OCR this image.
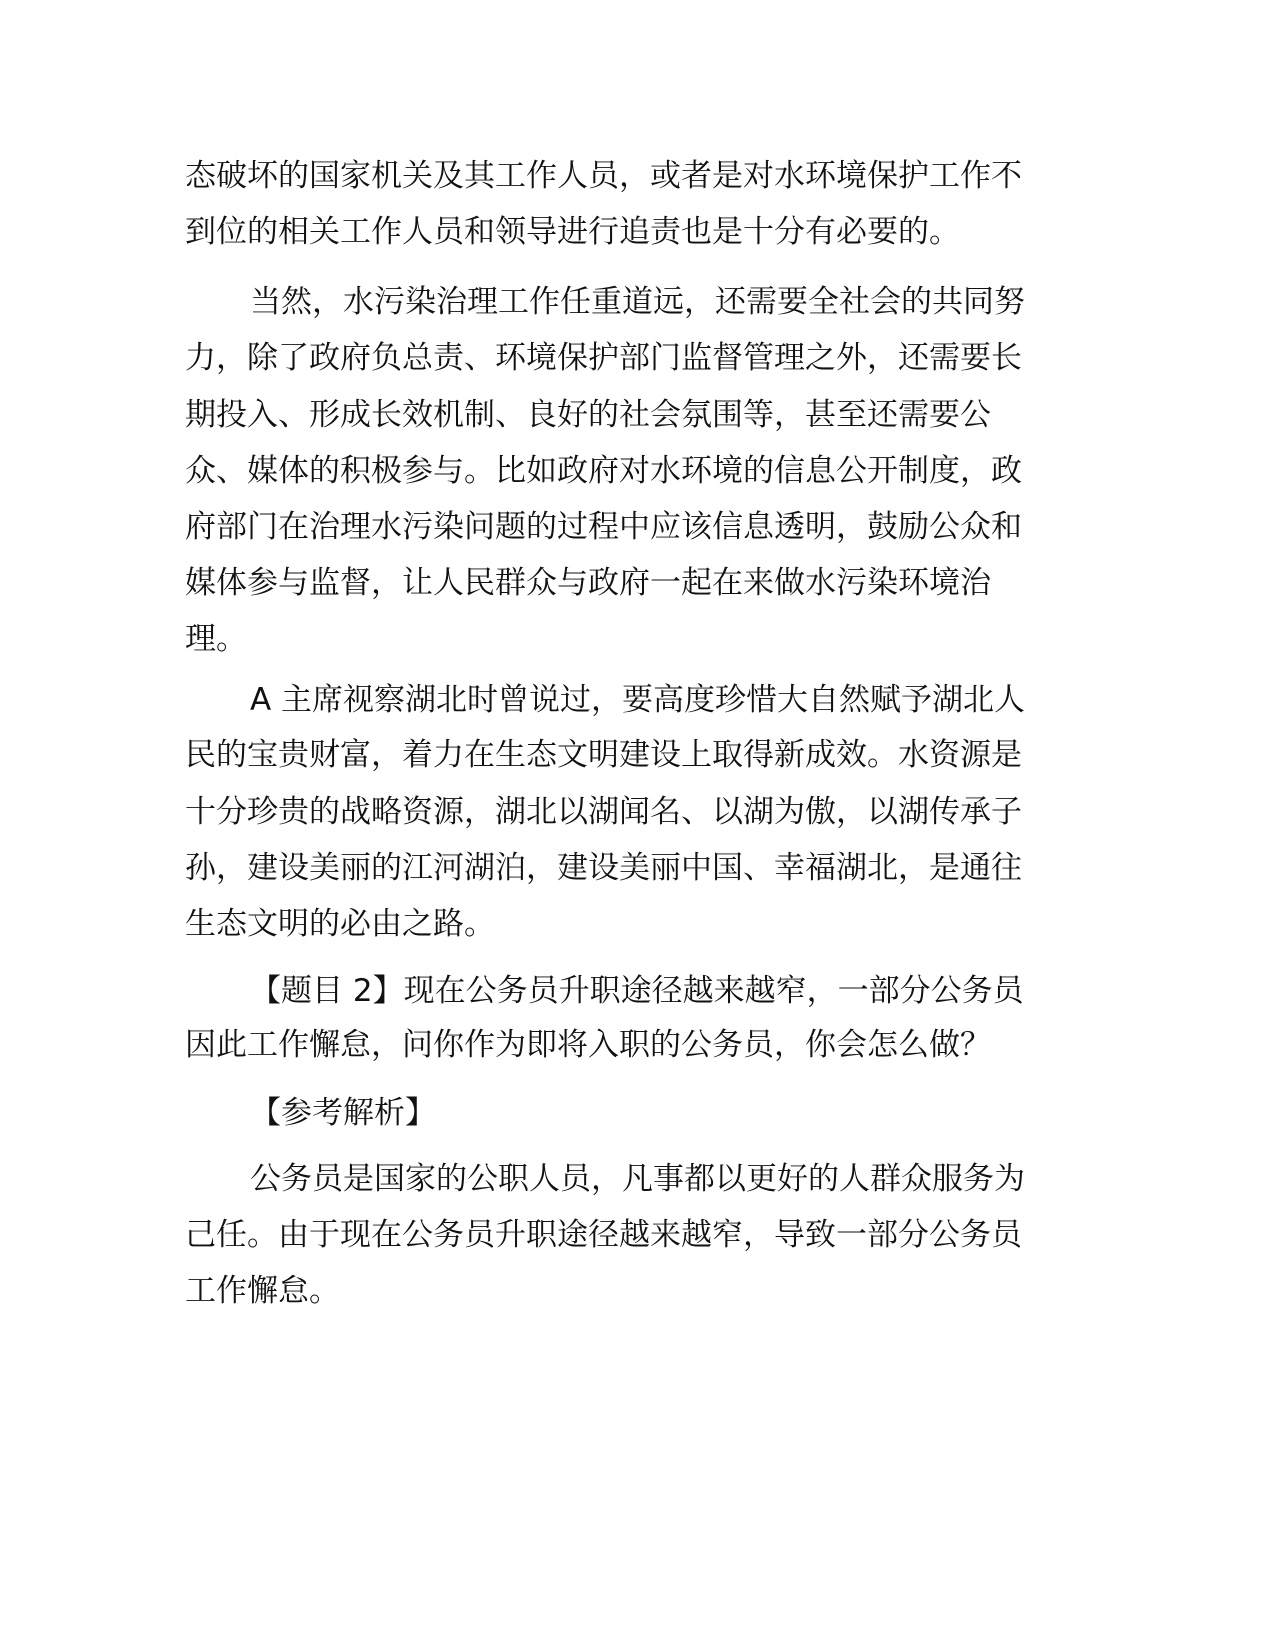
态破坏的国家机关及其工作人员，或者是对水环境保护工作不
到位的相关工作人员和领导进行追责也是十分有必要的。
当然，水污染治理工作任重道远，还需要全社会的共同努
力，除了政府负总责、环境保护部门监督管理之外，还需要长
期投入、形成长效机制、良好的社会氛围等，甚至还需要公
众、媒体的积极参与。比如政府对水环境的信息公开制度，政
府部门在治理水污染问题的过程中应该信息透明，鼓励公众和
媒体参与监督，让人民群众与政府一起在来做水污染环境治
理。
A 主席视察湖北时曾说过，要高度珍惜大自然赋予湖北人
民的宝贵财富，着力在生态文明建设上取得新成效。水资源是
十分珍贵的战略资源，湖北以湖闻名、以湖为傲，以湖传承子
孙，建设美丽的江河湖泊，建设美丽中国、幸福湖北，是通往
生态文明的必由之路。
【题目 2】现在公务员升职途径越来越窄，一部分公务员
因此工作懈怠，问你作为即将入职的公务员，你会怎么做？
【参考解析】
公务员是国家的公职人员，凡事都以更好的人群众服务为
己任。由于现在公务员升职途径越来越窄，导致一部分公务员
工作懈怠。
